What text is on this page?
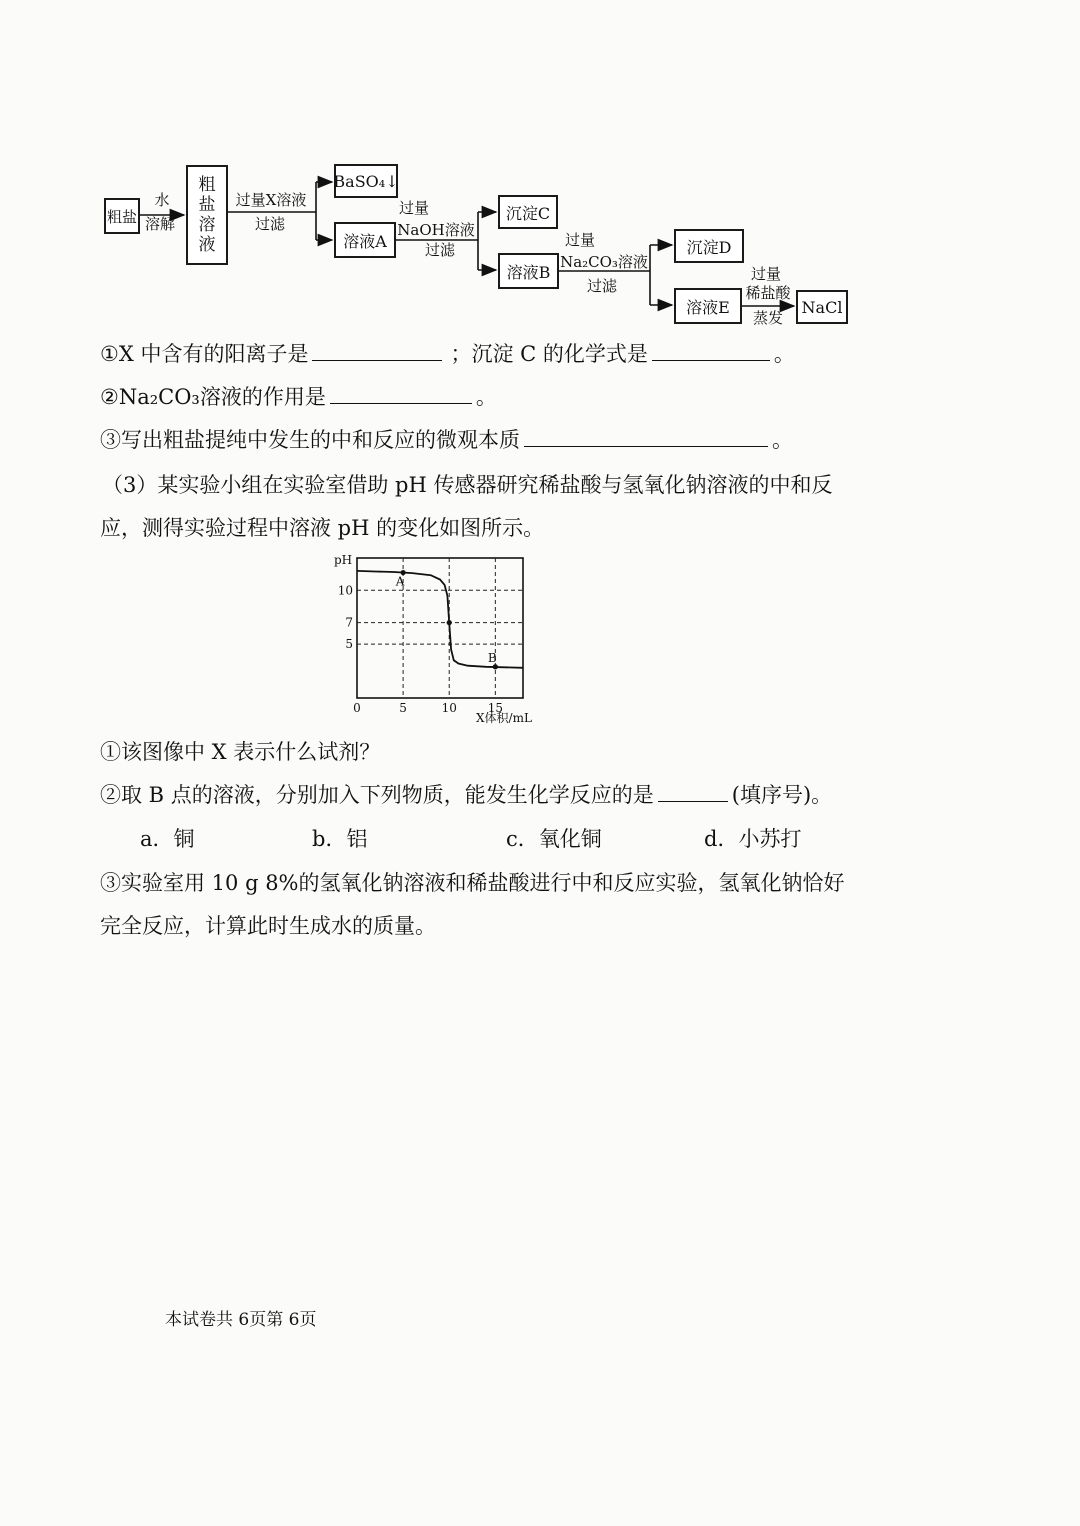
粗盐
水
溶解
粗
盐
溶
液
过量X溶液
过滤
BaSO₄↓
溶液A
过量
NaOH溶液
过滤
沉淀C
溶液B
过量
Na₂CO₃溶液
过滤
沉淀D
溶液E
过量
稀盐酸
蒸发
NaCl
①X 中含有的阳离子是	；沉淀 C 的化学式是	。
②Na₂CO₃溶液的作用是	。
③写出粗盐提纯中发生的中和反应的微观本质	。
（3）某实验小组在实验室借助 pH 传感器研究稀盐酸与氢氧化钠溶液的中和反
应，测得实验过程中溶液 pH 的变化如图所示。
0	5	10	15
5
7
10
A
B
pH
X体积/mL
①该图像中 X 表示什么试剂？
②取 B 点的溶液，分别加入下列物质，能发生化学反应的是	(填序号)。
a．铜	b．铝	c．氧化铜	d．小苏打
③实验室用 10 g 8%的氢氧化钠溶液和稀盐酸进行中和反应实验，氢氧化钠恰好
完全反应，计算此时生成水的质量。
本试卷共 6页第 6页
